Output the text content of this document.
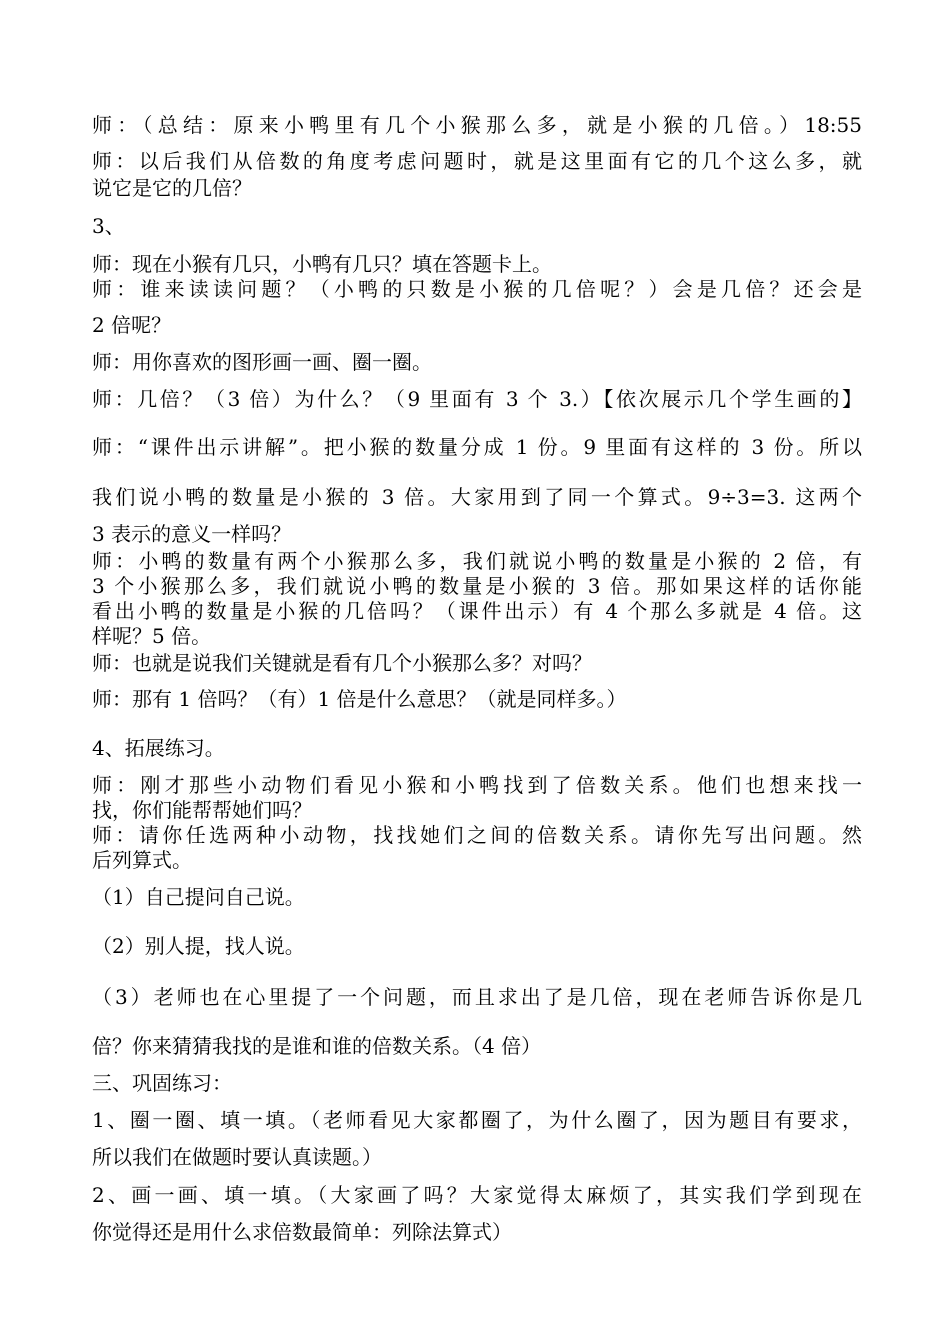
师：（总结：原来小鸭里有几个小猴那么多，就是小猴的几倍。）18:55
师：以后我们从倍数的角度考虑问题时，就是这里面有它的几个这么多，就
说它是它的几倍？
3、
师：现在小猴有几只，小鸭有几只？填在答题卡上。
师：谁来读读问题？（小鸭的只数是小猴的几倍呢？）会是几倍？还会是
2 倍呢？
师：用你喜欢的图形画一画、圈一圈。
师：几倍？（3 倍）为什么？（9 里面有 3 个 3.）【依次展示几个学生画的】
师：“课件出示讲解”。把小猴的数量分成 1 份。9 里面有这样的 3 份。所以
我们说小鸭的数量是小猴的 3 倍。大家用到了同一个算式。9÷3=3. 这两个
3 表示的意义一样吗？
师：小鸭的数量有两个小猴那么多，我们就说小鸭的数量是小猴的 2 倍，有
3 个小猴那么多，我们就说小鸭的数量是小猴的 3 倍。那如果这样的话你能
看出小鸭的数量是小猴的几倍吗？（课件出示）有 4 个那么多就是 4 倍。这
样呢？5 倍。
师：也就是说我们关键就是看有几个小猴那么多？对吗？
师：那有 1 倍吗？（有）1 倍是什么意思？（就是同样多。）
4、拓展练习。
师：刚才那些小动物们看见小猴和小鸭找到了倍数关系。他们也想来找一
找，你们能帮帮她们吗？
师：请你任选两种小动物，找找她们之间的倍数关系。请你先写出问题。然
后列算式。
（1）自己提问自己说。
（2）别人提，找人说。
（3）老师也在心里提了一个问题，而且求出了是几倍，现在老师告诉你是几
倍？你来猜猜我找的是谁和谁的倍数关系。（4 倍）
三、巩固练习：
1、圈一圈、填一填。（老师看见大家都圈了，为什么圈了，因为题目有要求，
所以我们在做题时要认真读题。）
2、画一画、填一填。（大家画了吗？大家觉得太麻烦了，其实我们学到现在
你觉得还是用什么求倍数最简单：列除法算式）
